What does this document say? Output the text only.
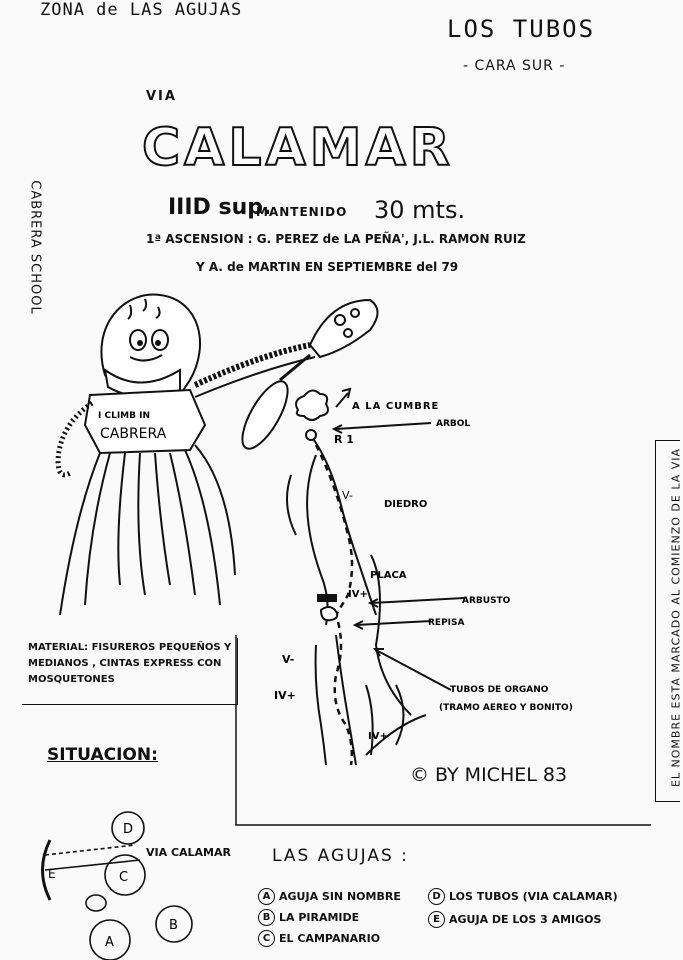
ZONA de LAS AGUJAS
LOS TUBOS
- CARA SUR -
VIA
CALAMAR
IIID sup.
MANTENIDO 30 mts.
1ª ASCENSION : G. PEREZ de LA PEÑA', J.L. RAMON RUIZ
Y A. de MARTIN EN SEPTIEMBRE del 79
CABRERA SCHOOL
EL NOMBRE ESTA MARCADO AL COMIENZO DE LA VIA
I CLIMB IN
CABRERA
A LA CUMBRE
ARBOL
R 1
V-
DIEDRO
PLACA
IV+
ARBUSTO
REPISA
V-
IV+	TUBOS DE ORGANO
(TRAMO AEREO Y BONITO)
IV+
MATERIAL: FISUREROS PEQUEÑOS Y MEDIANOS , CINTAS EXPRESS CON MOSQUETONES
© BY MICHEL 83
SITUACION:
D
C
E
A
B
VIA CALAMAR LAS AGUJAS :
A AGUJA SIN NOMBRE
B LA PIRAMIDE
C EL CAMPANARIO
D LOS TUBOS (VIA CALAMAR)
E AGUJA DE LOS 3 AMIGOS
